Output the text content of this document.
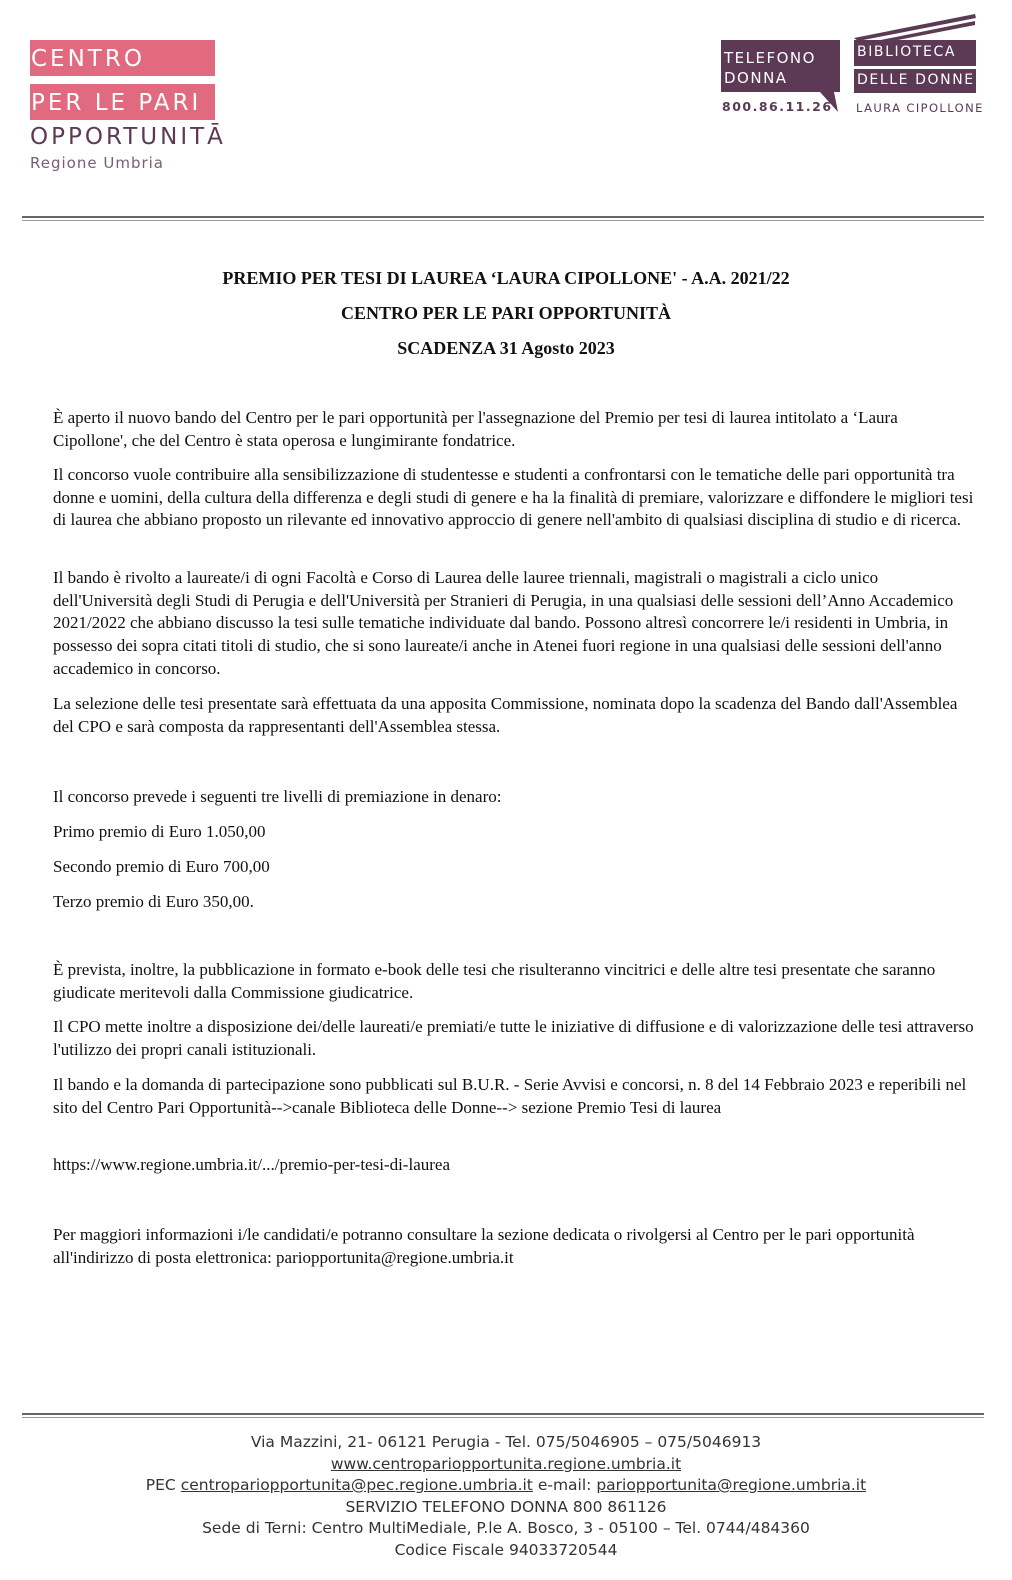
CENTRO
PER LE PARI
OPPORTUNITĀ
Regione Umbria
TELEFONO
DONNA
800.86.11.26
BIBLIOTECA
DELLE DONNE
LAURA CIPOLLONE
PREMIO PER TESI DI LAUREA ‘LAURA CIPOLLONE' - A.A. 2021/22
CENTRO PER LE PARI OPPORTUNITÀ
SCADENZA 31 Agosto 2023

È aperto il nuovo bando del Centro per le pari opportunità per l'assegnazione del Premio per tesi di laurea intitolato a ‘Laura Cipollone', che del Centro è stata operosa e lungimirante fondatrice.

Il concorso vuole contribuire alla sensibilizzazione di studentesse e studenti a confrontarsi con le tematiche delle pari opportunità tra donne e uomini, della cultura della differenza e degli studi di genere e ha la finalità di premiare, valorizzare e diffondere le migliori tesi di laurea che abbiano proposto un rilevante ed innovativo approccio di genere nell'ambito di qualsiasi disciplina di studio e di ricerca.

Il bando è rivolto a laureate/i di ogni Facoltà e Corso di Laurea delle lauree triennali, magistrali o magistrali a ciclo unico dell'Università degli Studi di Perugia e dell'Università per Stranieri di Perugia, in una qualsiasi delle sessioni dell’Anno Accademico 2021/2022 che abbiano discusso la tesi sulle tematiche individuate dal bando. Possono altresì concorrere le/i residenti in Umbria, in possesso dei sopra citati titoli di studio, che si sono laureate/i anche in Atenei fuori regione in una qualsiasi delle sessioni dell'anno accademico in concorso.

La selezione delle tesi presentate sarà effettuata da una apposita Commissione, nominata dopo la scadenza del Bando dall'Assemblea del CPO e sarà composta da rappresentanti dell'Assemblea stessa.

Il concorso prevede i seguenti tre livelli di premiazione in denaro:

Primo premio di Euro 1.050,00

Secondo premio di Euro 700,00

Terzo premio di Euro 350,00.

È prevista, inoltre, la pubblicazione in formato e-book delle tesi che risulteranno vincitrici e delle altre tesi presentate che saranno giudicate meritevoli dalla Commissione giudicatrice.

Il CPO mette inoltre a disposizione dei/delle laureati/e premiati/e tutte le iniziative di diffusione e di valorizzazione delle tesi attraverso l'utilizzo dei propri canali istituzionali.

Il bando e la domanda di partecipazione sono pubblicati sul B.U.R. - Serie Avvisi e concorsi, n. 8 del 14 Febbraio 2023 e reperibili nel sito del Centro Pari Opportunità-->canale Biblioteca delle Donne--> sezione Premio Tesi di laurea

https://www.regione.umbria.it/.../premio-per-tesi-di-laurea

Per maggiori informazioni i/le candidati/e potranno consultare la sezione dedicata o rivolgersi al Centro per le pari opportunità all'indirizzo di posta elettronica: pariopportunita@regione.umbria.it

Via Mazzini, 21- 06121 Perugia - Tel. 075/5046905 – 075/5046913
www.centropariopportunita.regione.umbria.it
PEC centropariopportunita@pec.regione.umbria.it e-mail: pariopportunita@regione.umbria.it
SERVIZIO TELEFONO DONNA 800 861126
Sede di Terni: Centro MultiMediale, P.le A. Bosco, 3 - 05100 – Tel. 0744/484360
Codice Fiscale 94033720544
